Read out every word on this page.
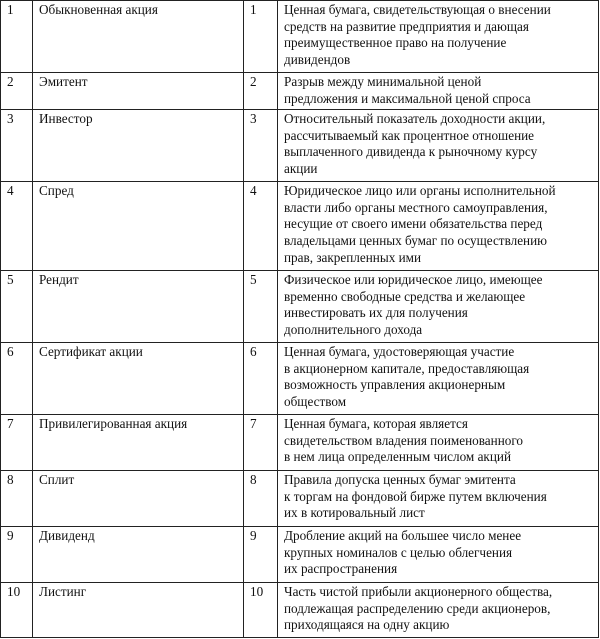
1	Обыкновенная акция	1	Ценная бумага, свидетельствующая о внесении
средств на развитие предприятия и дающая
преимущественное право на получение
дивидендов

2	Эмитент	2	Разрыв между минимальной ценой
предложения и максимальной ценой спроса

3	Инвестор	3	Относительный показатель доходности акции,
рассчитываемый как процентное отношение
выплаченного дивиденда к рыночному курсу
акции

4	Спред	4	Юридическое лицо или органы исполнительной
власти либо органы местного самоуправления,
несущие от своего имени обязательства перед
владельцами ценных бумаг по осуществлению
прав, закрепленных ими

5	Рендит	5	Физическое или юридическое лицо, имеющее
временно свободные средства и желающее
инвестировать их для получения
дополнительного дохода

6	Сертификат акции	6	Ценная бумага, удостоверяющая участие
в акционерном капитале, предоставляющая
возможность управления акционерным
обществом

7	Привилегированная акция	7	Ценная бумага, которая является
свидетельством владения поименованного
в нем лица определенным числом акций

8	Сплит	8	Правила допуска ценных бумаг эмитента
к торгам на фондовой бирже путем включения
их в котировальный лист

9	Дивиденд	9	Дробление акций на большее число менее
крупных номиналов с целью облегчения
их распространения

10	Листинг	10	Часть чистой прибыли акционерного общества,
подлежащая распределению среди акционеров,
приходящаяся на одну акцию
